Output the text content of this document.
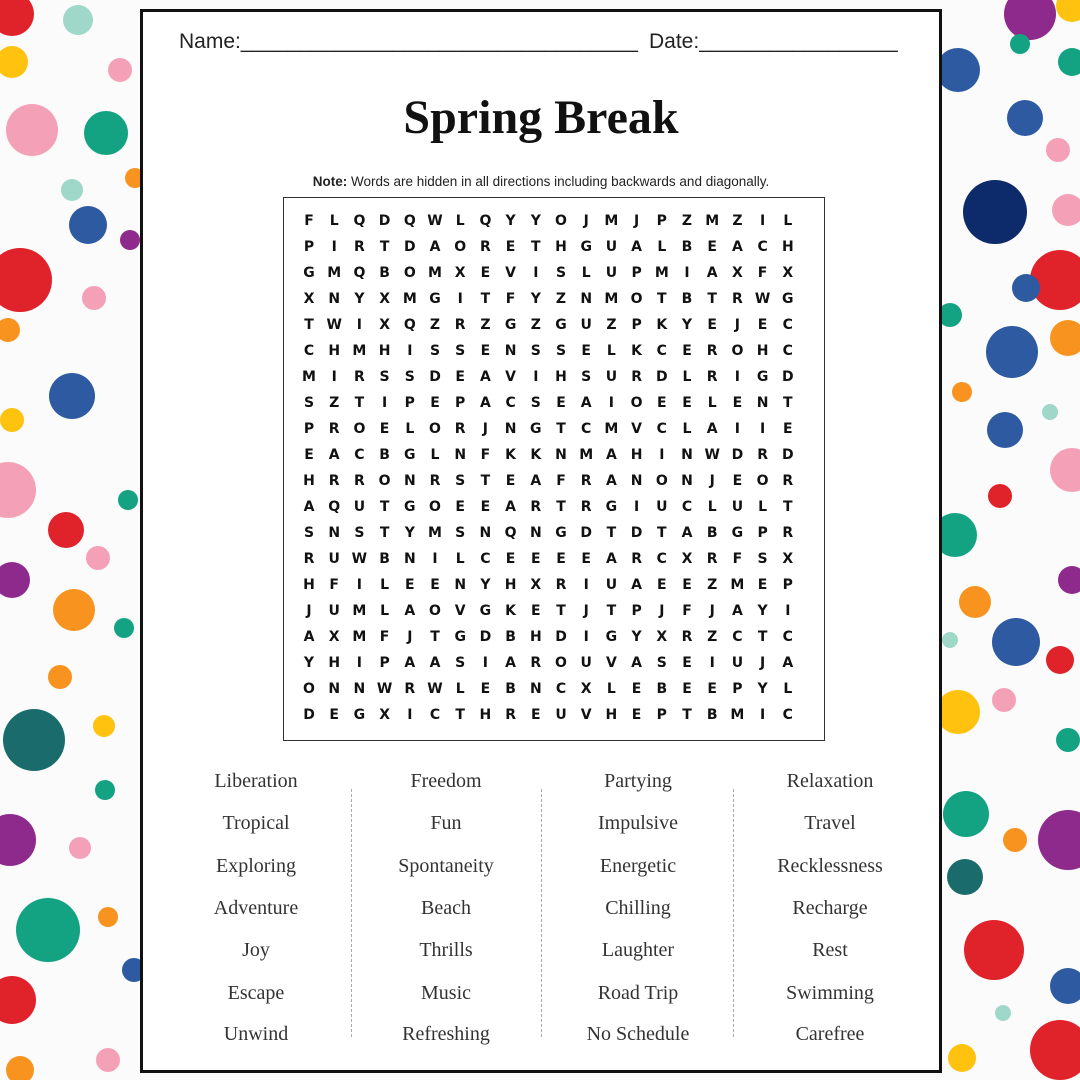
Name:__________________________________ Date:_________________
Spring Break
Note: Words are hidden in all directions including backwards and diagonally.
F	L	Q D Q W L	Q	Y	Y	O	J	M	J	P	Z M Z	I	L
P	I	R	T	D A O R	E	T	H G U	A	L	B	E	A	C	H
G M Q B O M X	E	V	I	S	L	U	P M	I	A	X	F	X
X N	Y	X M G	I	T	F	Y	Z	N M O	T	B	T	R W G
T W	I	X Q	Z	R	Z	G	Z	G U	Z	P	K	Y	E	J	E	C
C	H M H	I	S	S	E	N	S	S	E	L	K	C	E	R O H	C
M	I	R	S	S	D	E	A	V	I	H	S	U	R	D	L	R	I	G D
S	Z	T	I	P	E	P	A	C	S	E	A	I	O	E	E	L	E	N	T
P	R O	E	L	O R	J	N G	T	C M V	C	L	A	I	I	E
E	A	C	B	G	L	N	F	K	K N M A H	I	N W D	R	D
H R	R O N R	S	T	E	A	F	R	A N O N	J	E	O R
A Q U	T	G O	E	E	A	R	T	R	G	I	U	C	L	U	L	T
S	N	S	T	Y M S	N Q N G D	T	D	T	A	B	G	P	R
R	U W B	N	I	L	C	E	E	E	E	A	R	C	X	R	F	S	X
H	F	I	L	E	E	N	Y	H X	R	I	U	A	E	E	Z M E	P
J	U M L	A O V	G	K	E	T	J	T	P	J	F	J	A	Y	I
A	X M F	J	T	G D	B	H D	I	G	Y	X	R	Z	C	T	C
Y	H	I	P	A	A	S	I	A	R O U	V	A	S	E	I	U	J	A
O N N W R W L	E	B	N	C	X	L	E	B	E	E	P	Y	L
D	E	G	X	I	C	T	H R	E	U	V H	E	P	T	B M	I	C
Liberation
Tropical
Exploring
Adventure
Joy
Escape
Unwind
Freedom
Fun
Spontaneity
Beach
Thrills
Music
Refreshing
Partying
Impulsive
Energetic
Chilling
Laughter
Road Trip
No Schedule
Relaxation
Travel
Recklessness
Recharge
Rest
Swimming
Carefree
